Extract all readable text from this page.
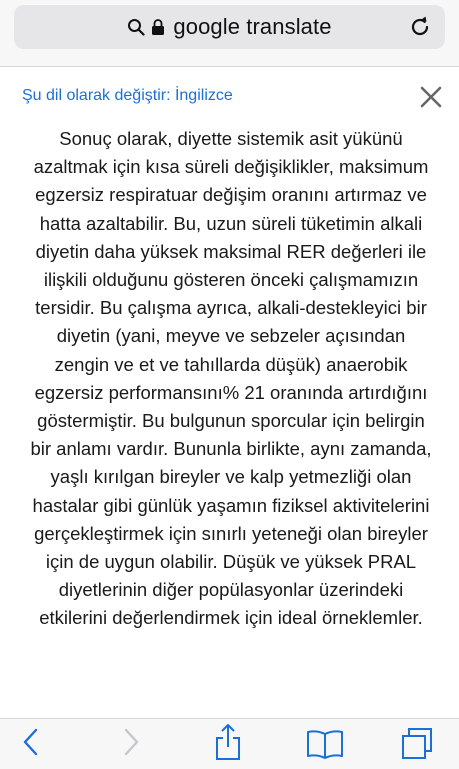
google translate
Şu dil olarak değiştir: İngilizce
Sonuç olarak, diyette sistemik asit yükünü azaltmak için kısa süreli değişiklikler, maksimum egzersiz respiratuar değişim oranını artırmaz ve hatta azaltabilir. Bu, uzun süreli tüketimin alkali diyetin daha yüksek maksimal RER değerleri ile ilişkili olduğunu gösteren önceki çalışmamızın tersidir. Bu çalışma ayrıca, alkali-destekleyici bir diyetin (yani, meyve ve sebzeler açısından zengin ve et ve tahıllarda düşük) anaerobik egzersiz performansını% 21 oranında artırdığını göstermiştir. Bu bulgunun sporcular için belirgin bir anlamı vardır. Bununla birlikte, aynı zamanda, yaşlı kırılgan bireyler ve kalp yetmezliği olan hastalar gibi günlük yaşamın fiziksel aktivitelerini gerçekleştirmek için sınırlı yeteneği olan bireyler için de uygun olabilir. Düşük ve yüksek PRAL diyetlerinin diğer popülasyonlar üzerindeki etkilerini değerlendirmek için ideal örneklemler.
